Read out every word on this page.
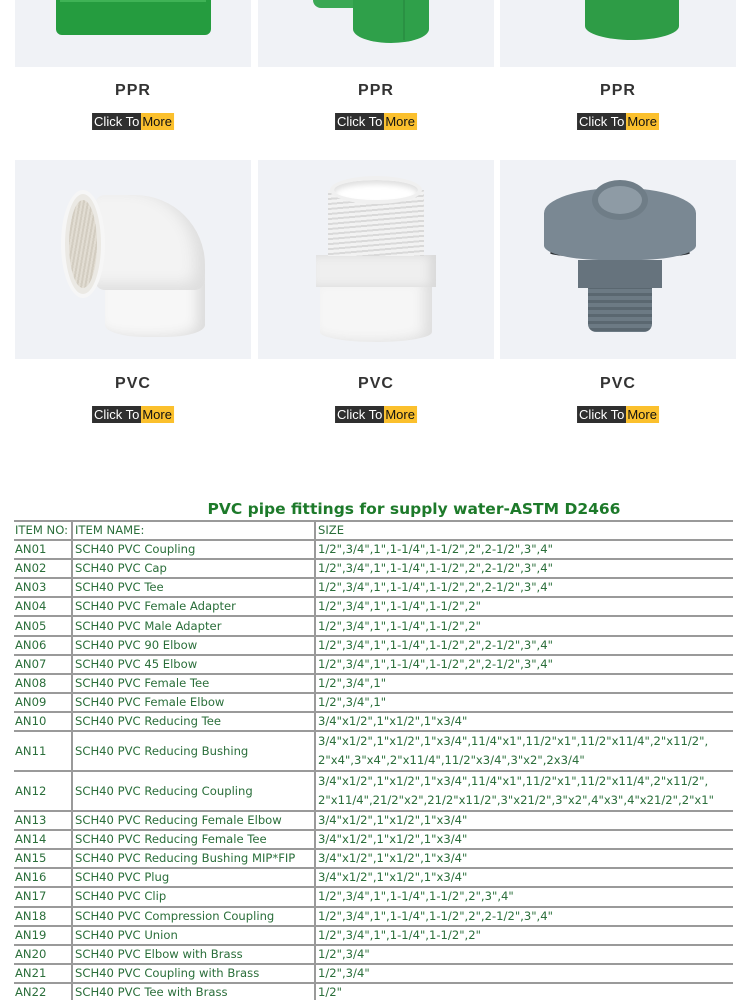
PPR
Click To More
PPR
Click To More
PPR
Click To More
PVC
Click To More
PVC
Click To More
PVC
Click To More
PVC pipe fittings for supply water-ASTM D2466
ITEM NO:	ITEM NAME:	SIZE
AN01	SCH40 PVC Coupling	1/2",3/4",1",1-1/4",1-1/2",2",2-1/2",3",4"
AN02	SCH40 PVC Cap	1/2",3/4",1",1-1/4",1-1/2",2",2-1/2",3",4"
AN03	SCH40 PVC Tee	1/2",3/4",1",1-1/4",1-1/2",2",2-1/2",3",4"
AN04	SCH40 PVC Female Adapter	1/2",3/4",1",1-1/4",1-1/2",2"
AN05	SCH40 PVC Male Adapter	1/2",3/4",1",1-1/4",1-1/2",2"
AN06	SCH40 PVC 90 Elbow	1/2",3/4",1",1-1/4",1-1/2",2",2-1/2",3",4"
AN07	SCH40 PVC 45 Elbow	1/2",3/4",1",1-1/4",1-1/2",2",2-1/2",3",4"
AN08	SCH40 PVC Female Tee	1/2",3/4",1"
AN09	SCH40 PVC Female Elbow	1/2",3/4",1"
AN10	SCH40 PVC Reducing Tee	3/4"x1/2",1"x1/2",1"x3/4"
AN11	SCH40 PVC Reducing Bushing	3/4"x1/2",1"x1/2",1"x3/4",11/4"x1",11/2"x1",11/2"x11/4",2"x11/2", 2"x4",3"x4",2"x11/4",11/2"x3/4",3"x2",2x3/4"
AN12	SCH40 PVC Reducing Coupling	3/4"x1/2",1"x1/2",1"x3/4",11/4"x1",11/2"x1",11/2"x11/4",2"x11/2", 2"x11/4",21/2"x2",21/2"x11/2",3"x21/2",3"x2",4"x3",4"x21/2",2"x1"
AN13	SCH40 PVC Reducing Female Elbow	3/4"x1/2",1"x1/2",1"x3/4"
AN14	SCH40 PVC Reducing Female Tee	3/4"x1/2",1"x1/2",1"x3/4"
AN15	SCH40 PVC Reducing Bushing MIP*FIP	3/4"x1/2",1"x1/2",1"x3/4"
AN16	SCH40 PVC Plug	3/4"x1/2",1"x1/2",1"x3/4"
AN17	SCH40 PVC Clip	1/2",3/4",1",1-1/4",1-1/2",2",3",4"
AN18	SCH40 PVC Compression Coupling	1/2",3/4",1",1-1/4",1-1/2",2",2-1/2",3",4"
AN19	SCH40 PVC Union	1/2",3/4",1",1-1/4",1-1/2",2"
AN20	SCH40 PVC Elbow with Brass	1/2",3/4"
AN21	SCH40 PVC Coupling with Brass	1/2",3/4"
AN22	SCH40 PVC Tee with Brass	1/2"
